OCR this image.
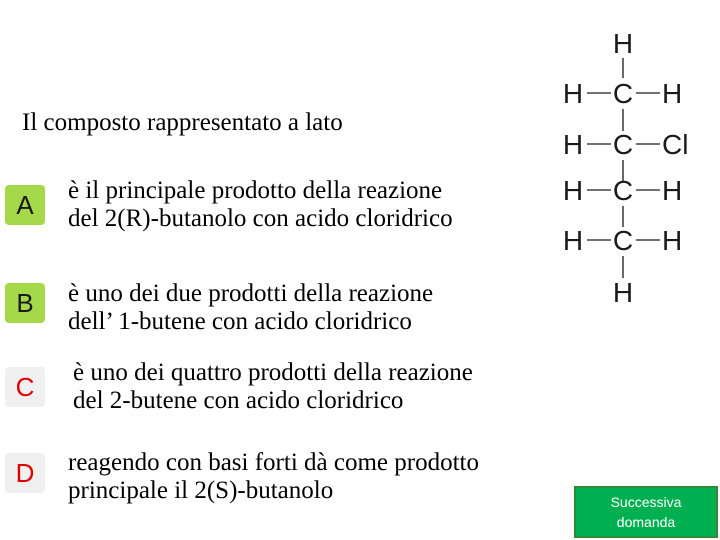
Il composto rappresentato a lato
A	è il principale prodotto della reazione
del 2(R)-butanolo con acido cloridrico
B	è uno dei due prodotti della reazione
dell’ 1-butene con acido cloridrico
C	è uno dei quattro prodotti della reazione
del 2-butene con acido cloridrico
D	reagendo con basi forti dà come prodotto
principale il 2(S)-butanolo
H
H C H
H C Cl
H C H
H C H
H
Successiva
domanda
